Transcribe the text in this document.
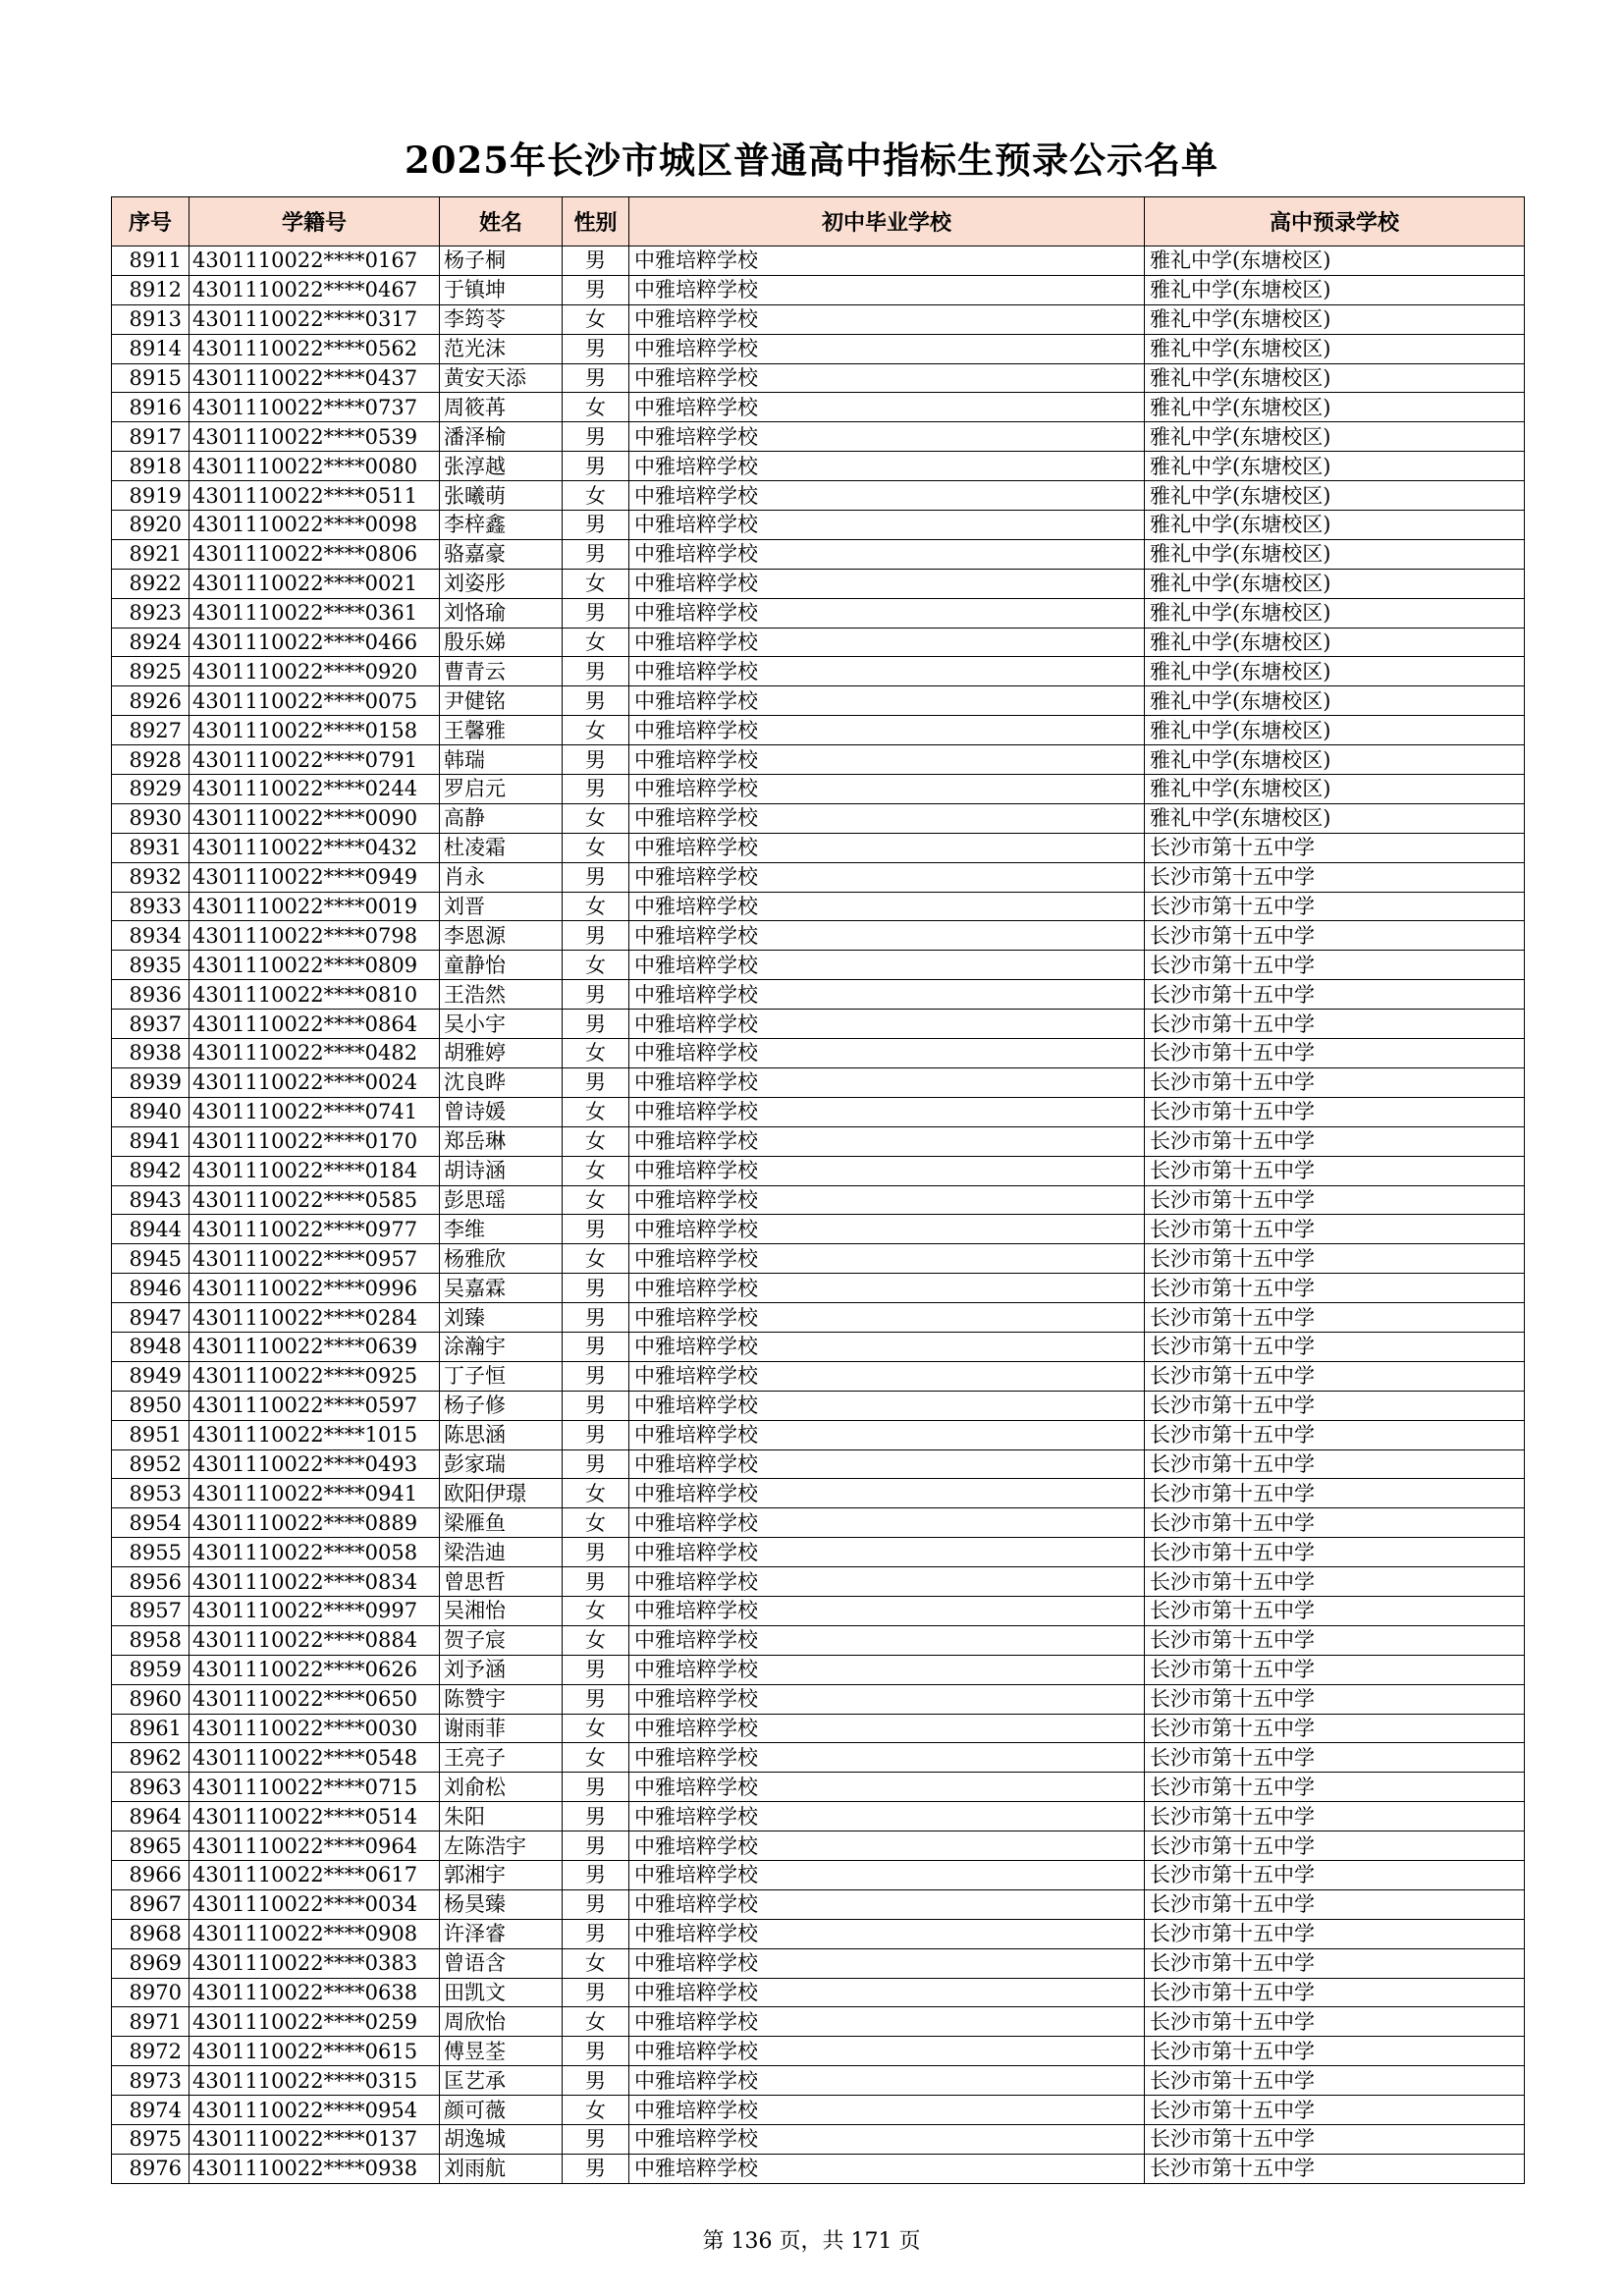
2025年长沙市城区普通高中指标生预录公示名单
序号	学籍号	姓名	性别	初中毕业学校	高中预录学校
8911	4301110022****0167	杨子桐	男	中雅培粹学校	雅礼中学(东塘校区)
8912	4301110022****0467	于镇坤	男	中雅培粹学校	雅礼中学(东塘校区)
8913	4301110022****0317	李筠苓	女	中雅培粹学校	雅礼中学(东塘校区)
8914	4301110022****0562	范光沫	男	中雅培粹学校	雅礼中学(东塘校区)
8915	4301110022****0437	黄安天添	男	中雅培粹学校	雅礼中学(东塘校区)
8916	4301110022****0737	周筱苒	女	中雅培粹学校	雅礼中学(东塘校区)
8917	4301110022****0539	潘泽榆	男	中雅培粹学校	雅礼中学(东塘校区)
8918	4301110022****0080	张淳越	男	中雅培粹学校	雅礼中学(东塘校区)
8919	4301110022****0511	张曦萌	女	中雅培粹学校	雅礼中学(东塘校区)
8920	4301110022****0098	李梓鑫	男	中雅培粹学校	雅礼中学(东塘校区)
8921	4301110022****0806	骆嘉豪	男	中雅培粹学校	雅礼中学(东塘校区)
8922	4301110022****0021	刘姿彤	女	中雅培粹学校	雅礼中学(东塘校区)
8923	4301110022****0361	刘恪瑜	男	中雅培粹学校	雅礼中学(东塘校区)
8924	4301110022****0466	殷乐娣	女	中雅培粹学校	雅礼中学(东塘校区)
8925	4301110022****0920	曹青云	男	中雅培粹学校	雅礼中学(东塘校区)
8926	4301110022****0075	尹健铭	男	中雅培粹学校	雅礼中学(东塘校区)
8927	4301110022****0158	王馨雅	女	中雅培粹学校	雅礼中学(东塘校区)
8928	4301110022****0791	韩瑞	男	中雅培粹学校	雅礼中学(东塘校区)
8929	4301110022****0244	罗启元	男	中雅培粹学校	雅礼中学(东塘校区)
8930	4301110022****0090	高静	女	中雅培粹学校	雅礼中学(东塘校区)
8931	4301110022****0432	杜凌霜	女	中雅培粹学校	长沙市第十五中学
8932	4301110022****0949	肖永	男	中雅培粹学校	长沙市第十五中学
8933	4301110022****0019	刘晋	女	中雅培粹学校	长沙市第十五中学
8934	4301110022****0798	李恩源	男	中雅培粹学校	长沙市第十五中学
8935	4301110022****0809	童静怡	女	中雅培粹学校	长沙市第十五中学
8936	4301110022****0810	王浩然	男	中雅培粹学校	长沙市第十五中学
8937	4301110022****0864	吴小宇	男	中雅培粹学校	长沙市第十五中学
8938	4301110022****0482	胡雅婷	女	中雅培粹学校	长沙市第十五中学
8939	4301110022****0024	沈良晔	男	中雅培粹学校	长沙市第十五中学
8940	4301110022****0741	曾诗媛	女	中雅培粹学校	长沙市第十五中学
8941	4301110022****0170	郑岳琳	女	中雅培粹学校	长沙市第十五中学
8942	4301110022****0184	胡诗涵	女	中雅培粹学校	长沙市第十五中学
8943	4301110022****0585	彭思瑶	女	中雅培粹学校	长沙市第十五中学
8944	4301110022****0977	李维	男	中雅培粹学校	长沙市第十五中学
8945	4301110022****0957	杨雅欣	女	中雅培粹学校	长沙市第十五中学
8946	4301110022****0996	吴嘉霖	男	中雅培粹学校	长沙市第十五中学
8947	4301110022****0284	刘臻	男	中雅培粹学校	长沙市第十五中学
8948	4301110022****0639	涂瀚宇	男	中雅培粹学校	长沙市第十五中学
8949	4301110022****0925	丁子恒	男	中雅培粹学校	长沙市第十五中学
8950	4301110022****0597	杨子修	男	中雅培粹学校	长沙市第十五中学
8951	4301110022****1015	陈思涵	男	中雅培粹学校	长沙市第十五中学
8952	4301110022****0493	彭家瑞	男	中雅培粹学校	长沙市第十五中学
8953	4301110022****0941	欧阳伊璟	女	中雅培粹学校	长沙市第十五中学
8954	4301110022****0889	梁雁鱼	女	中雅培粹学校	长沙市第十五中学
8955	4301110022****0058	梁浩迪	男	中雅培粹学校	长沙市第十五中学
8956	4301110022****0834	曾思哲	男	中雅培粹学校	长沙市第十五中学
8957	4301110022****0997	吴湘怡	女	中雅培粹学校	长沙市第十五中学
8958	4301110022****0884	贺子宸	女	中雅培粹学校	长沙市第十五中学
8959	4301110022****0626	刘予涵	男	中雅培粹学校	长沙市第十五中学
8960	4301110022****0650	陈赞宇	男	中雅培粹学校	长沙市第十五中学
8961	4301110022****0030	谢雨菲	女	中雅培粹学校	长沙市第十五中学
8962	4301110022****0548	王亮子	女	中雅培粹学校	长沙市第十五中学
8963	4301110022****0715	刘俞松	男	中雅培粹学校	长沙市第十五中学
8964	4301110022****0514	朱阳	男	中雅培粹学校	长沙市第十五中学
8965	4301110022****0964	左陈浩宇	男	中雅培粹学校	长沙市第十五中学
8966	4301110022****0617	郭湘宇	男	中雅培粹学校	长沙市第十五中学
8967	4301110022****0034	杨昊臻	男	中雅培粹学校	长沙市第十五中学
8968	4301110022****0908	许泽睿	男	中雅培粹学校	长沙市第十五中学
8969	4301110022****0383	曾语含	女	中雅培粹学校	长沙市第十五中学
8970	4301110022****0638	田凯文	男	中雅培粹学校	长沙市第十五中学
8971	4301110022****0259	周欣怡	女	中雅培粹学校	长沙市第十五中学
8972	4301110022****0615	傅昱荃	男	中雅培粹学校	长沙市第十五中学
8973	4301110022****0315	匡艺承	男	中雅培粹学校	长沙市第十五中学
8974	4301110022****0954	颜可薇	女	中雅培粹学校	长沙市第十五中学
8975	4301110022****0137	胡逸城	男	中雅培粹学校	长沙市第十五中学
8976	4301110022****0938	刘雨航	男	中雅培粹学校	长沙市第十五中学
第 136 页，共 171 页
